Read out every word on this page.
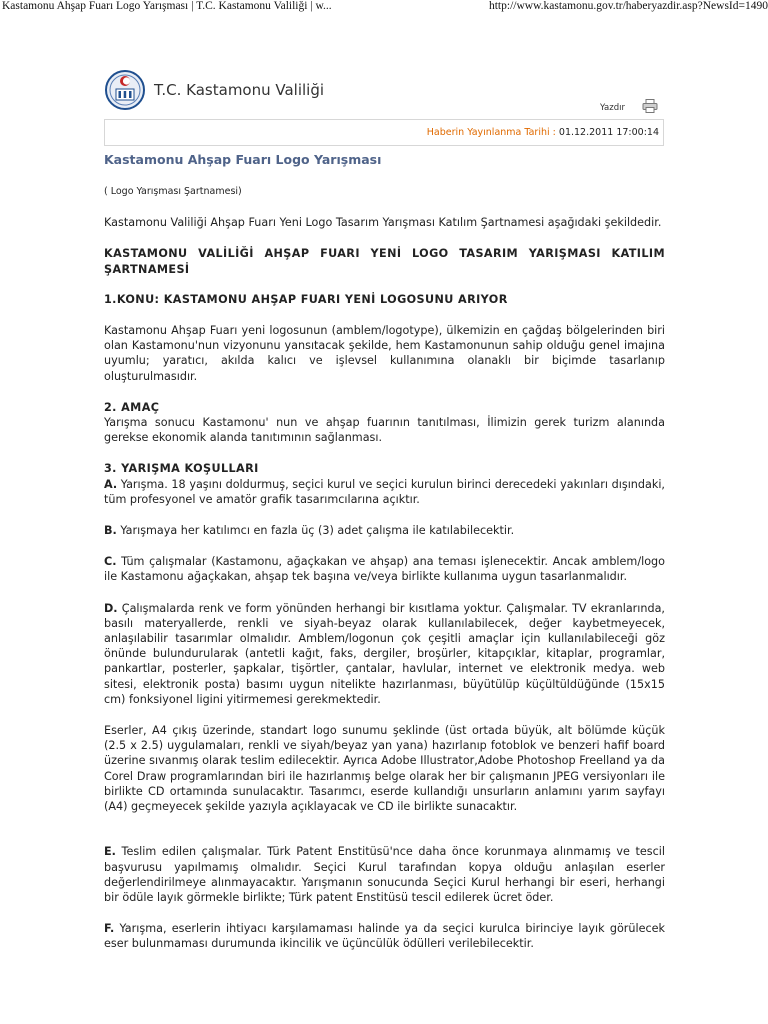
Kastamonu Ahşap Fuarı Logo Yarışması | T.C. Kastamonu Valiliği | w...	http://www.kastamonu.gov.tr/haberyazdir.asp?NewsId=1490
T.C. Kastamonu Valiliği
Yazdır
Haberin Yayınlanma Tarihi : 01.12.2011 17:00:14
Kastamonu Ahşap Fuarı Logo Yarışması

( Logo Yarışması Şartnamesi)

Kastamonu Valiliği Ahşap Fuarı Yeni Logo Tasarım Yarışması Katılım Şartnamesi aşağıdaki şekildedir.

KASTAMONU VALİLİĞİ AHŞAP FUARI YENİ LOGO TASARIM YARIŞMASI KATILIM ŞARTNAMESİ

1.KONU: KASTAMONU AHŞAP FUARI YENİ LOGOSUNU ARIYOR

Kastamonu Ahşap Fuarı yeni logosunun (amblem/logotype), ülkemizin en çağdaş bölgelerinden biri olan Kastamonu'nun vizyonunu yansıtacak şekilde, hem Kastamonunun sahip olduğu genel imajına uyumlu; yaratıcı, akılda kalıcı ve işlevsel kullanımına olanaklı bir biçimde tasarlanıp oluşturulmasıdır.

2. AMAÇ

Yarışma sonucu Kastamonu' nun ve ahşap fuarının tanıtılması, İlimizin gerek turizm alanında gerekse ekonomik alanda tanıtımının sağlanması.

3. YARIŞMA KOŞULLARI

A. Yarışma. 18 yaşını doldurmuş, seçici kurul ve seçici kurulun birinci derecedeki yakınları dışındaki, tüm profesyonel ve amatör grafik tasarımcılarına açıktır.

B. Yarışmaya her katılımcı en fazla üç (3) adet çalışma ile katılabilecektir.

C. Tüm çalışmalar (Kastamonu, ağaçkakan ve ahşap) ana teması işlenecektir. Ancak amblem/logo ile Kastamonu ağaçkakan, ahşap tek başına ve/veya birlikte kullanıma uygun tasarlanmalıdır.

D. Çalışmalarda renk ve form yönünden herhangi bir kısıtlama yoktur. Çalışmalar. TV ekranlarında, basılı materyallerde, renkli ve siyah-beyaz olarak kullanılabilecek, değer kaybetmeyecek, anlaşılabilir tasarımlar olmalıdır. Amblem/logonun çok çeşitli amaçlar için kullanılabileceği göz önünde bulundurularak (antetli kağıt, faks, dergiler, broşürler, kitapçıklar, kitaplar, programlar, pankartlar, posterler, şapkalar, tişörtler, çantalar, havlular, internet ve elektronik medya. web sitesi, elektronik posta) basımı uygun nitelikte hazırlanması, büyütülüp küçültüldüğünde (15x15 cm) fonksiyonel ligini yitirmemesi gerekmektedir.

Eserler, A4 çıkış üzerinde, standart logo sunumu şeklinde (üst ortada büyük, alt bölümde küçük (2.5 x 2.5) uygulamaları, renkli ve siyah/beyaz yan yana) hazırlanıp fotoblok ve benzeri hafif board üzerine sıvanmış olarak teslim edilecektir. Ayrıca Adobe Illustrator,Adobe Photoshop Freelland ya da Corel Draw programlarından biri ile hazırlanmış belge olarak her bir çalışmanın JPEG versiyonları ile birlikte CD ortamında sunulacaktır. Tasarımcı, eserde kullandığı unsurların anlamını yarım sayfayı (A4) geçmeyecek şekilde yazıyla açıklayacak ve CD ile birlikte sunacaktır.

E. Teslim edilen çalışmalar. Türk Patent Enstitüsü'nce daha önce korunmaya alınmamış ve tescil başvurusu yapılmamış olmalıdır. Seçici Kurul tarafından kopya olduğu anlaşılan eserler değerlendirilmeye alınmayacaktır. Yarışmanın sonucunda Seçici Kurul herhangi bir eseri, herhangi bir ödüle layık görmekle birlikte; Türk patent Enstitüsü tescil edilerek ücret öder.

F. Yarışma, eserlerin ihtiyacı karşılamaması halinde ya da seçici kurulca birinciye layık görülecek eser bulunmaması durumunda ikincilik ve üçüncülük ödülleri verilebilecektir.
